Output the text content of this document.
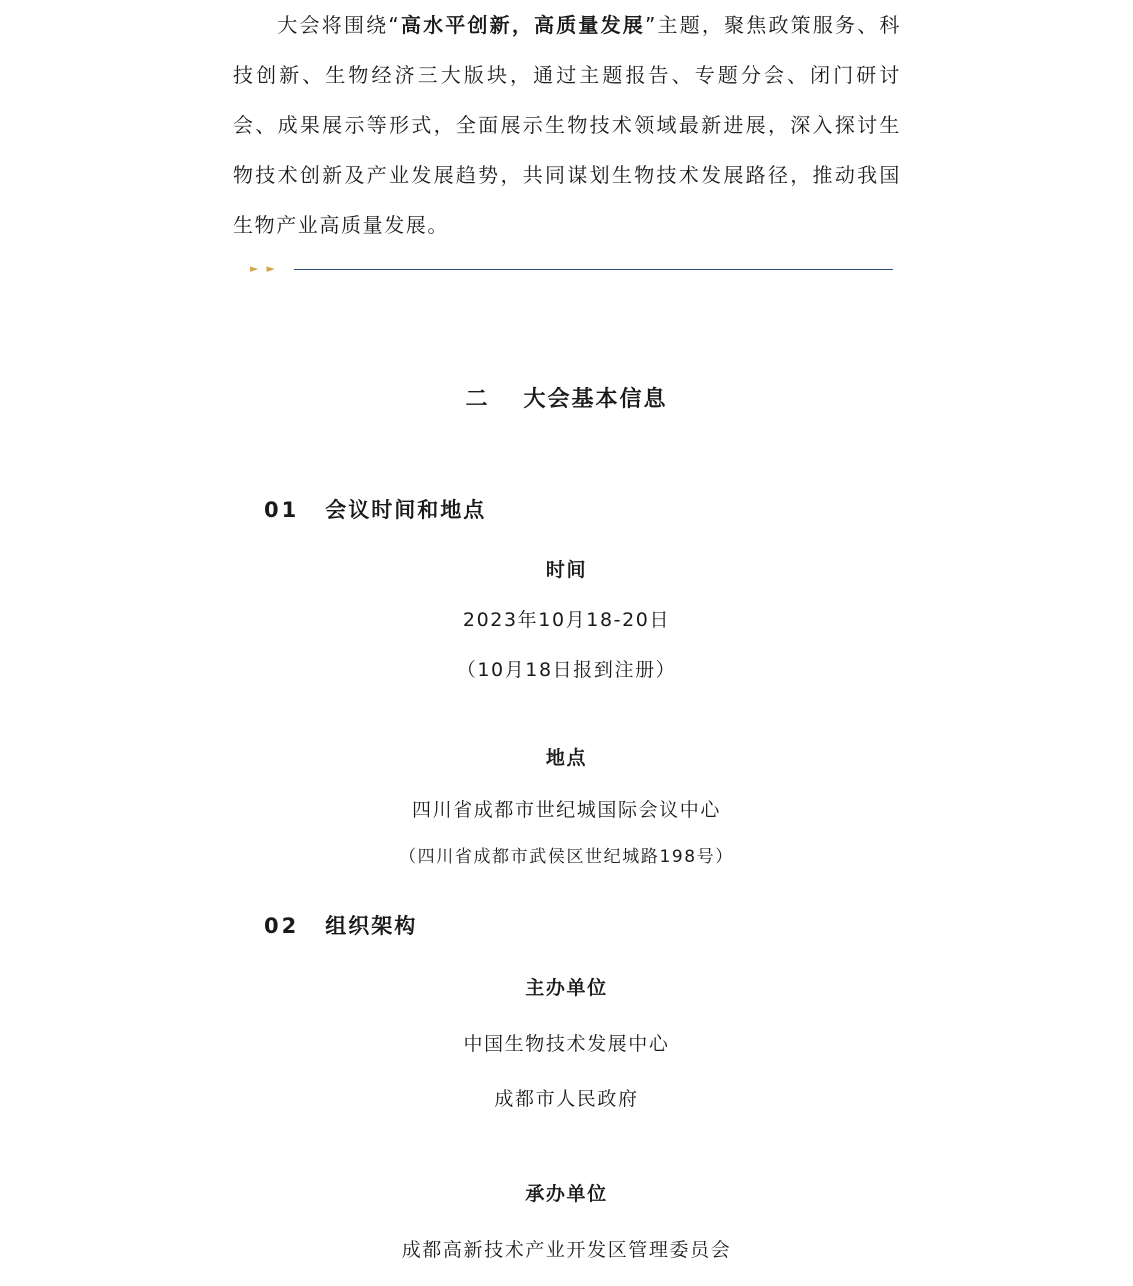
　　大会将围绕“高水平创新，高质量发展”主题，聚焦政策服务、科技创新、生物经济三大版块，通过主题报告、专题分会、闭门研讨会、成果展示等形式，全面展示生物技术领域最新进展，深入探讨生物技术创新及产业发展趋势，共同谋划生物技术发展路径，推动我国生物产业高质量发展。

►►
二 大会基本信息
01 会议时间和地点
时间
2023年10月18-20日
（10月18日报到注册）
地点
四川省成都市世纪城国际会议中心
（四川省成都市武侯区世纪城路198号）
02 组织架构
主办单位
中国生物技术发展中心
成都市人民政府
承办单位
成都高新技术产业开发区管理委员会
